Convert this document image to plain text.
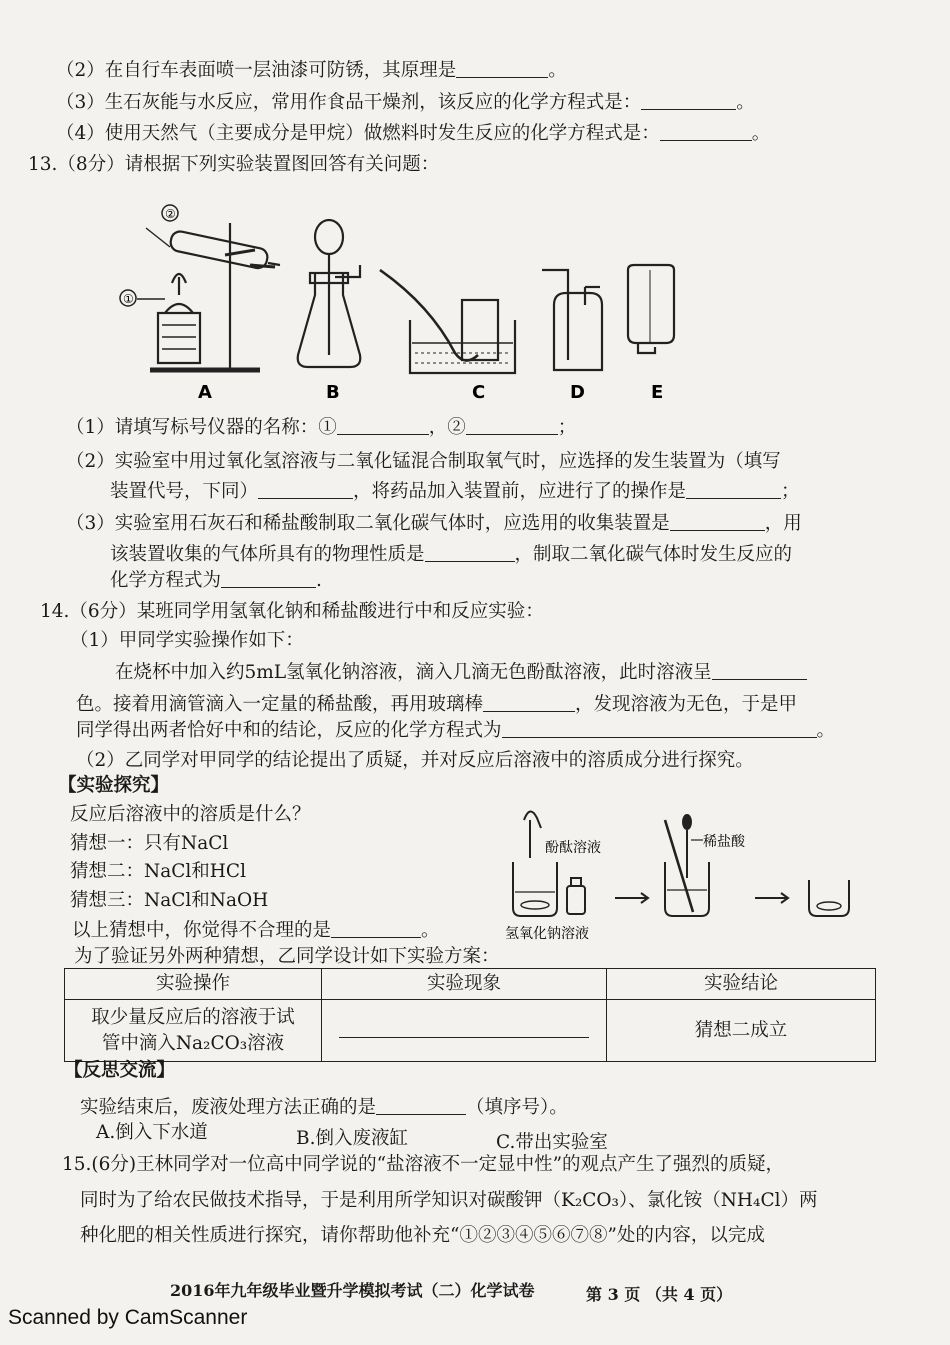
（2）在自行车表面喷一层油漆可防锈，其原理是	。
（3）生石灰能与水反应，常用作食品干燥剂，该反应的化学方程式是：	。
（4）使用天然气（主要成分是甲烷）做燃料时发生反应的化学方程式是：	。
13.（8分）请根据下列实验装置图回答有关问题：
②
①
A	B	C	D	E
（1）请填写标号仪器的名称：①	，②	；
（2）实验室中用过氧化氢溶液与二氧化锰混合制取氧气时，应选择的发生装置为（填写
装置代号，下同）	，将药品加入装置前，应进行了的操作是	；
（3）实验室用石灰石和稀盐酸制取二氧化碳气体时，应选用的收集装置是	，用
该装置收集的气体所具有的物理性质是	，制取二氧化碳气体时发生反应的
化学方程式为	.
14.（6分）某班同学用氢氧化钠和稀盐酸进行中和反应实验：
（1）甲同学实验操作如下：
在烧杯中加入约5mL氢氧化钠溶液，滴入几滴无色酚酞溶液，此时溶液呈
色。接着用滴管滴入一定量的稀盐酸，再用玻璃棒	，发现溶液为无色，于是甲
同学得出两者恰好中和的结论，反应的化学方程式为	。
（2）乙同学对甲同学的结论提出了质疑，并对反应后溶液中的溶质成分进行探究。
【实验探究】
反应后溶液中的溶质是什么？
猜想一：只有NaCl
猜想二：NaCl和HCl
猜想三：NaCl和NaOH
以上猜想中，你觉得不合理的是	。
酚酞溶液	稀盐酸
氢氧化钠溶液
为了验证另外两种猜想，乙同学设计如下实验方案：
实验操作	实验现象	实验结论

取少量反应后的溶液于试
管中滴入Na₂CO₃溶液		猜想二成立
【反思交流】
实验结束后，废液处理方法正确的是	（填序号）。
A.倒入下水道	B.倒入废液缸	C.带出实验室
15.(6分)王林同学对一位高中同学说的“盐溶液不一定显中性”的观点产生了强烈的质疑，
同时为了给农民做技术指导，于是利用所学知识对碳酸钾（K₂CO₃）、氯化铵（NH₄Cl）两
种化肥的相关性质进行探究，请你帮助他补充“①②③④⑤⑥⑦⑧”处的内容，以完成
2016年九年级毕业暨升学模拟考试（二）化学试卷	第 3 页 （共 4 页）
Scanned by CamScanner
